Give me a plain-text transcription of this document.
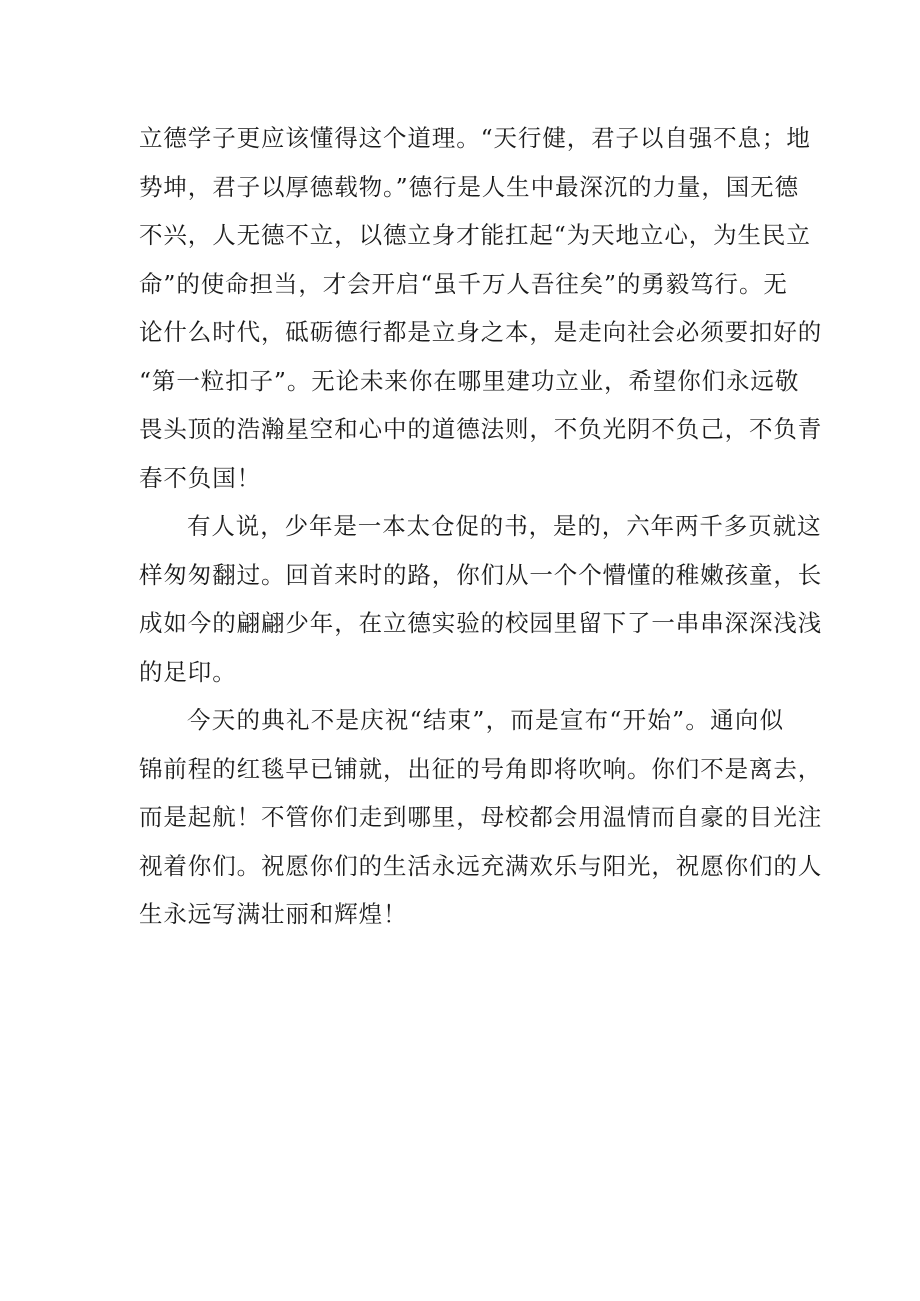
立德学子更应该懂得这个道理。“天行健，君子以自强不息；地
势坤，君子以厚德载物。”德行是人生中最深沉的力量，国无德
不兴，人无德不立，以德立身才能扛起“为天地立心，为生民立
命”的使命担当，才会开启“虽千万人吾往矣”的勇毅笃行。无
论什么时代，砥砺德行都是立身之本，是走向社会必须要扣好的
“第一粒扣子”。无论未来你在哪里建功立业，希望你们永远敬
畏头顶的浩瀚星空和心中的道德法则，不负光阴不负己，不负青
春不负国！
有人说，少年是一本太仓促的书，是的，六年两千多页就这
样匆匆翻过。回首来时的路，你们从一个个懵懂的稚嫩孩童，长
成如今的翩翩少年，在立德实验的校园里留下了一串串深深浅浅
的足印。
今天的典礼不是庆祝“结束”，而是宣布“开始”。通向似
锦前程的红毯早已铺就，出征的号角即将吹响。你们不是离去，
而是起航！不管你们走到哪里，母校都会用温情而自豪的目光注
视着你们。祝愿你们的生活永远充满欢乐与阳光，祝愿你们的人
生永远写满壮丽和辉煌！
